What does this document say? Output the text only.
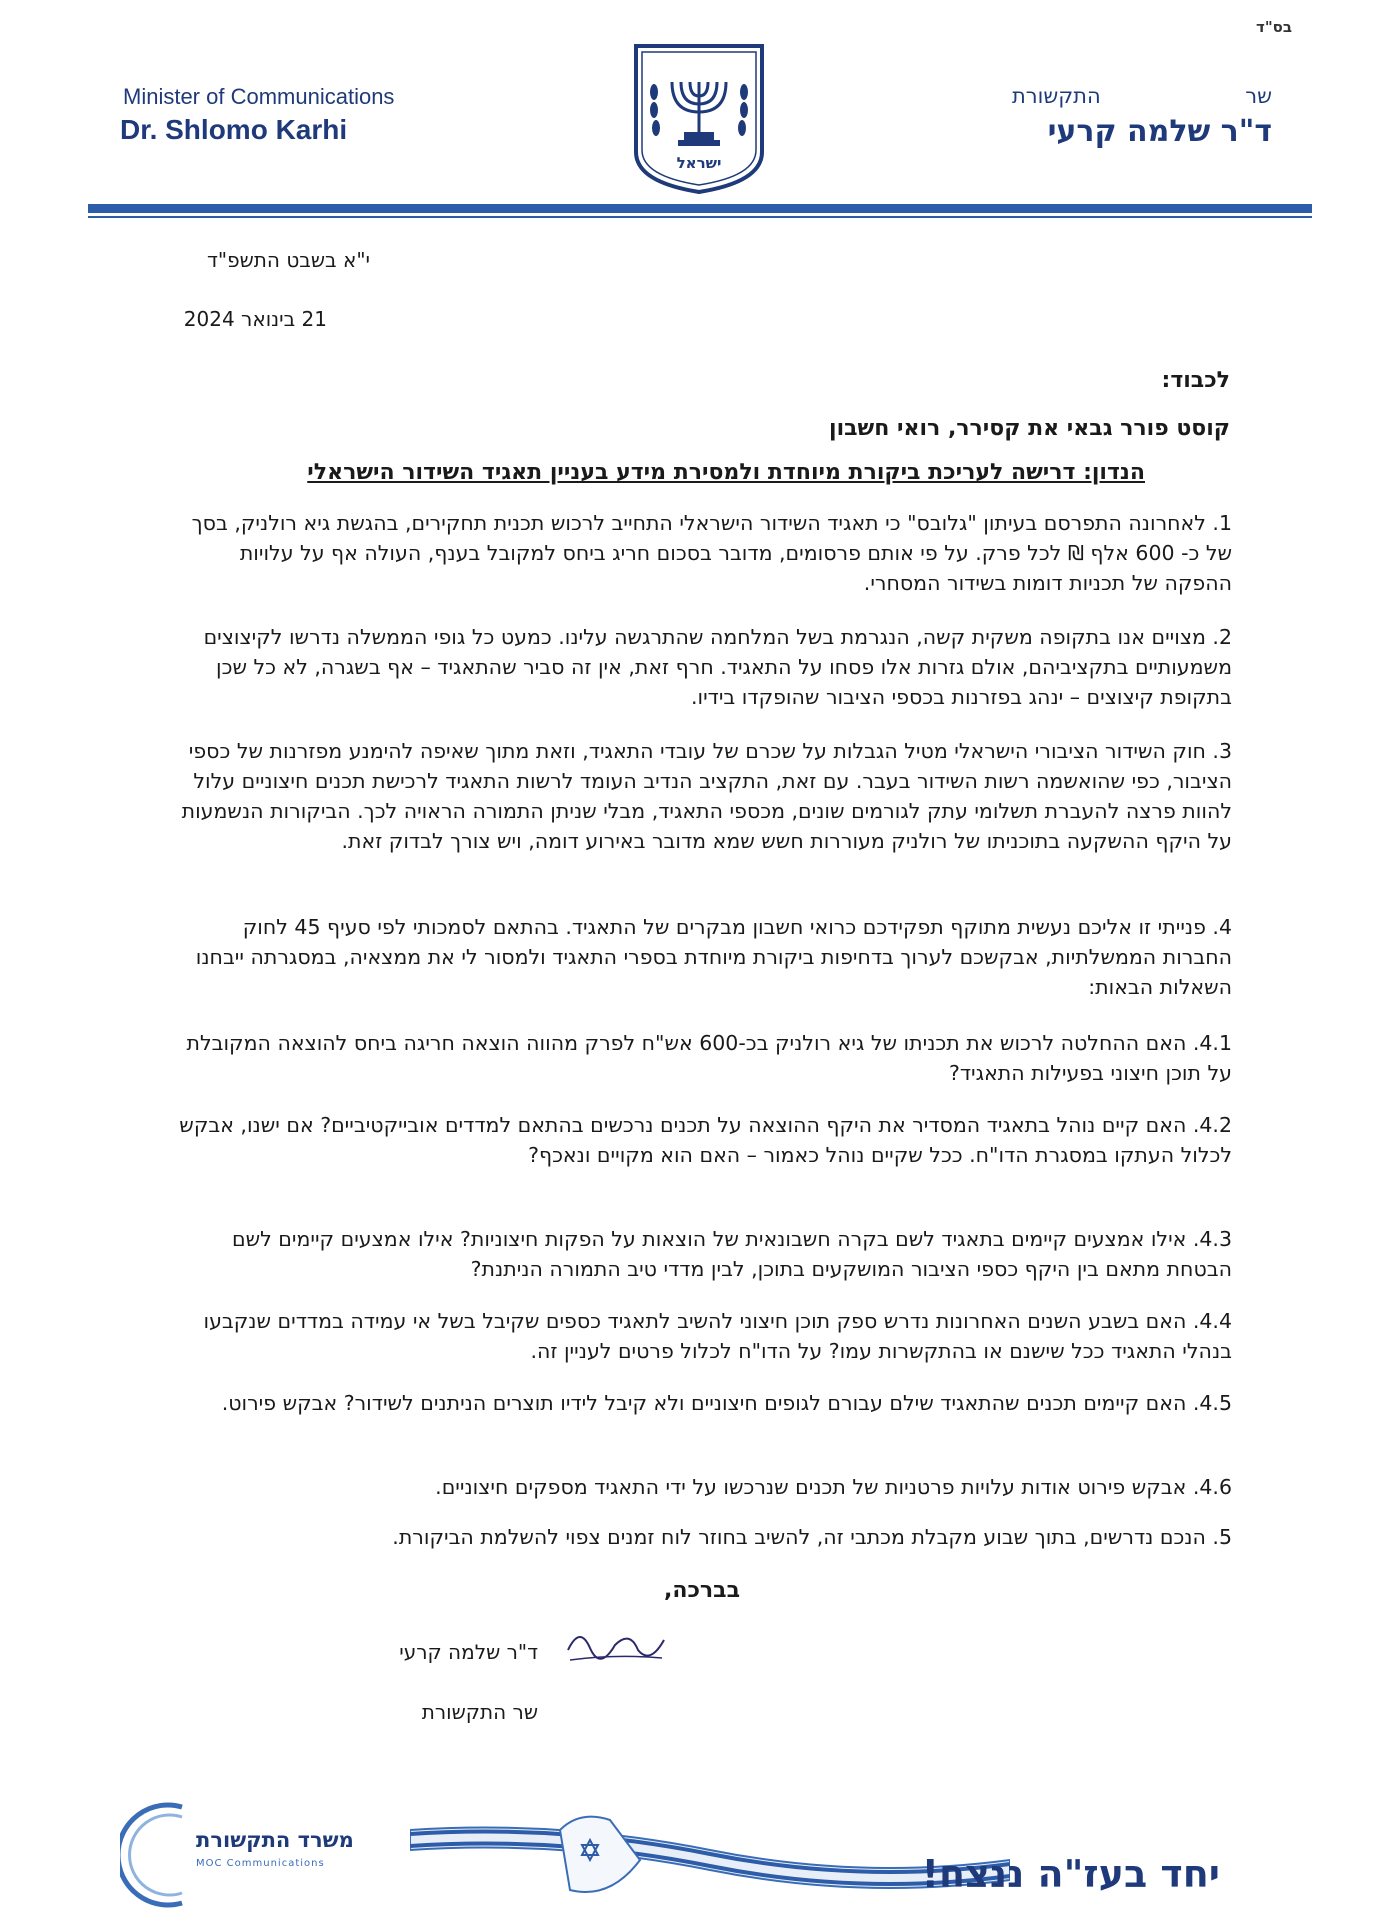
בס"ד
Minister of Communications
Dr. Shlomo Karhi
שר
התקשורת
ד"ר שלמה קרעי
ישראל
י"א בשבט התשפ"ד
21 בינואר 2024
לכבוד:
קוסט פורר גבאי את קסירר, רואי חשבון
הנדון: דרישה לעריכת ביקורת מיוחדת ולמסירת מידע בעניין תאגיד השידור הישראלי

1. לאחרונה התפרסם בעיתון "גלובס" כי תאגיד השידור הישראלי התחייב לרכוש תכנית תחקירים, בהגשת גיא רולניק, בסך של כ- 600 אלף ₪ לכל פרק. על פי אותם פרסומים, מדובר בסכום חריג ביחס למקובל בענף, העולה אף על עלויות ההפקה של תכניות דומות בשידור המסחרי.

2. מצויים אנו בתקופה משקית קשה, הנגרמת בשל המלחמה שהתרגשה עלינו. כמעט כל גופי הממשלה נדרשו לקיצוצים משמעותיים בתקציביהם, אולם גזרות אלו פסחו על התאגיד. חרף זאת, אין זה סביר שהתאגיד – אף בשגרה, לא כל שכן בתקופת קיצוצים – ינהג בפזרנות בכספי הציבור שהופקדו בידיו.

3. חוק השידור הציבורי הישראלי מטיל הגבלות על שכרם של עובדי התאגיד, וזאת מתוך שאיפה להימנע מפזרנות של כספי הציבור, כפי שהואשמה רשות השידור בעבר. עם זאת, התקציב הנדיב העומד לרשות התאגיד לרכישת תכנים חיצוניים עלול להוות פרצה להעברת תשלומי עתק לגורמים שונים, מכספי התאגיד, מבלי שניתן התמורה הראויה לכך. הביקורות הנשמעות על היקף ההשקעה בתוכניתו של רולניק מעוררות חשש שמא מדובר באירוע דומה, ויש צורך לבדוק זאת.

4. פנייתי זו אליכם נעשית מתוקף תפקידכם כרואי חשבון מבקרים של התאגיד. בהתאם לסמכותי לפי סעיף 45 לחוק החברות הממשלתיות, אבקשכם לערוך בדחיפות ביקורת מיוחדת בספרי התאגיד ולמסור לי את ממצאיה, במסגרתה ייבחנו השאלות הבאות:

4.1. האם ההחלטה לרכוש את תכניתו של גיא רולניק בכ-600 אש"ח לפרק מהווה הוצאה חריגה ביחס להוצאה המקובלת על תוכן חיצוני בפעילות התאגיד?

4.2. האם קיים נוהל בתאגיד המסדיר את היקף ההוצאה על תכנים נרכשים בהתאם למדדים אובייקטיביים? אם ישנו, אבקש לכלול העתקו במסגרת הדו"ח. ככל שקיים נוהל כאמור – האם הוא מקויים ונאכף?

4.3. אילו אמצעים קיימים בתאגיד לשם בקרה חשבונאית של הוצאות על הפקות חיצוניות? אילו אמצעים קיימים לשם הבטחת מתאם בין היקף כספי הציבור המושקעים בתוכן, לבין מדדי טיב התמורה הניתנת?

4.4. האם בשבע השנים האחרונות נדרש ספק תוכן חיצוני להשיב לתאגיד כספים שקיבל בשל אי עמידה במדדים שנקבעו בנהלי התאגיד ככל שישנם או בהתקשרות עמו? על הדו"ח לכלול פרטים לעניין זה.

4.5. האם קיימים תכנים שהתאגיד שילם עבורם לגופים חיצוניים ולא קיבל לידיו תוצרים הניתנים לשידור? אבקש פירוט.

4.6. אבקש פירוט אודות עלויות פרטניות של תכנים שנרכשו על ידי התאגיד מספקים חיצוניים.

5. הנכם נדרשים, בתוך שבוע מקבלת מכתבי זה, להשיב בחוזר לוח זמנים צפוי להשלמת הביקורת.

בברכה,
ד"ר שלמה קרעי
שר התקשורת
משרד התקשורת
MOC Communications	יחד בעז"ה ננצח!
